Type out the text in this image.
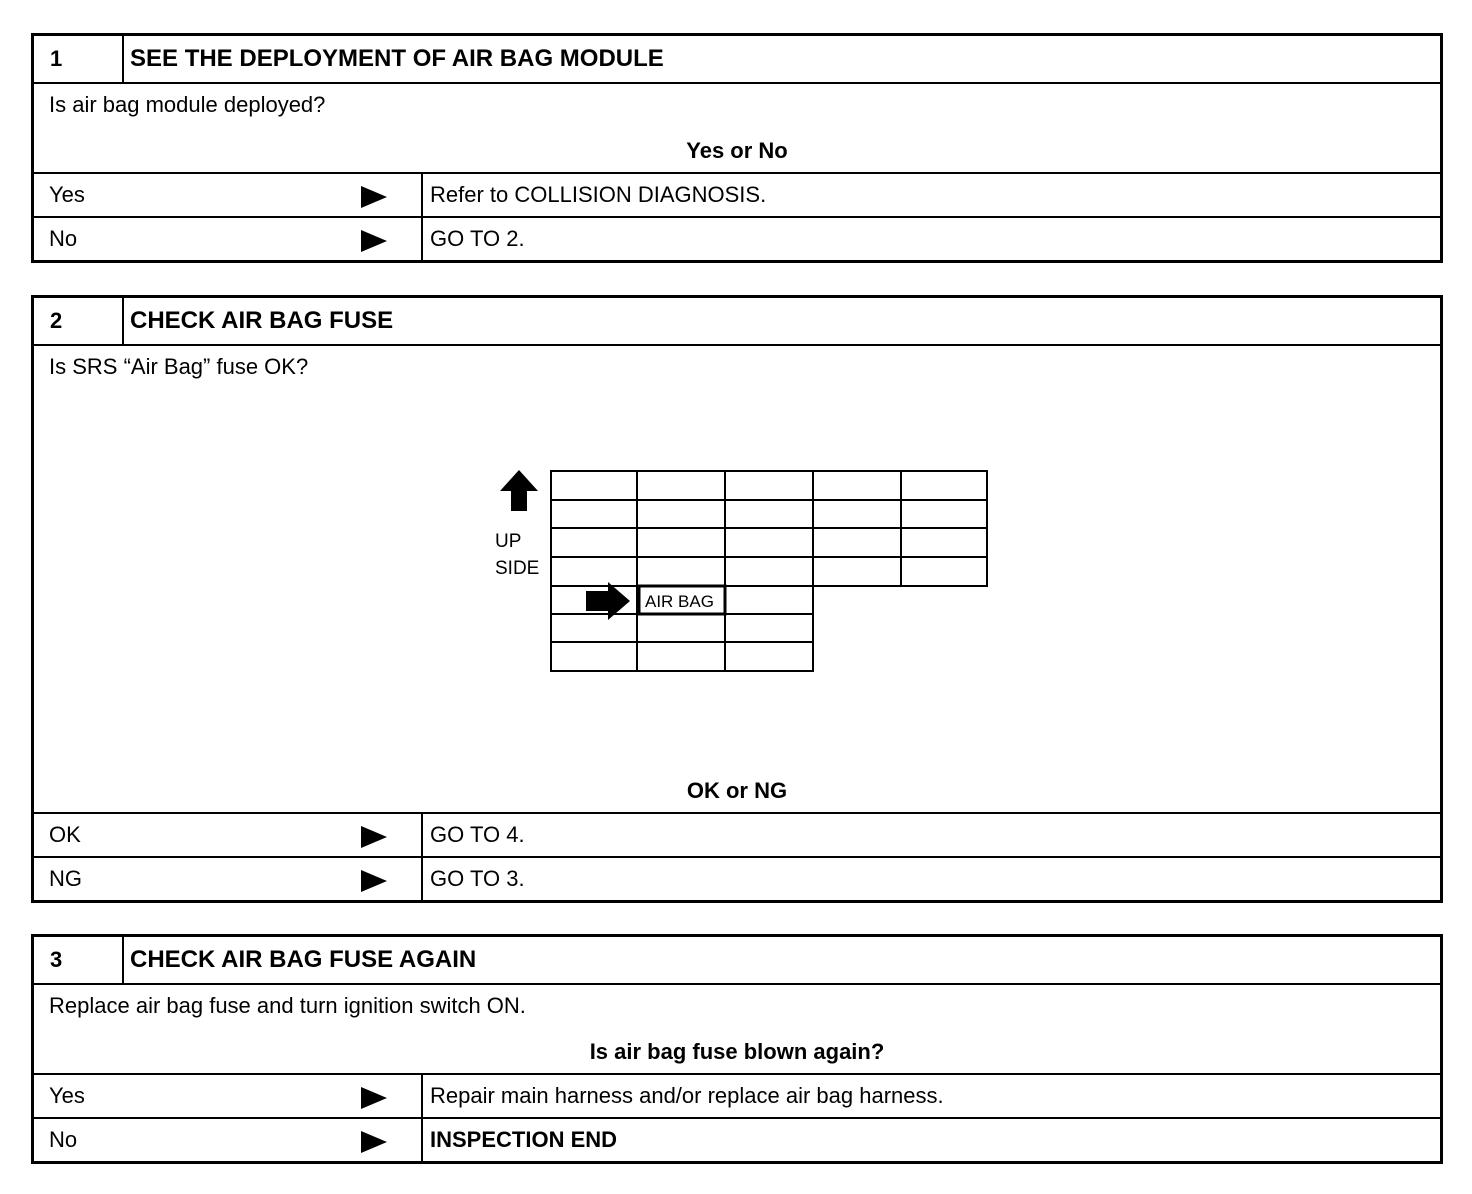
1	SEE THE DEPLOYMENT OF AIR BAG MODULE
Is air bag module deployed?
Yes or No
Yes	Refer to COLLISION DIAGNOSIS.
No	GO TO 2.
2	CHECK AIR BAG FUSE
Is SRS “Air Bag” fuse OK?
UP
SIDE
AIR BAG
OK or NG
OK	GO TO 4.
NG	GO TO 3.
3	CHECK AIR BAG FUSE AGAIN
Replace air bag fuse and turn ignition switch ON.
Is air bag fuse blown again?
Yes	Repair main harness and/or replace air bag harness.
No	INSPECTION END
